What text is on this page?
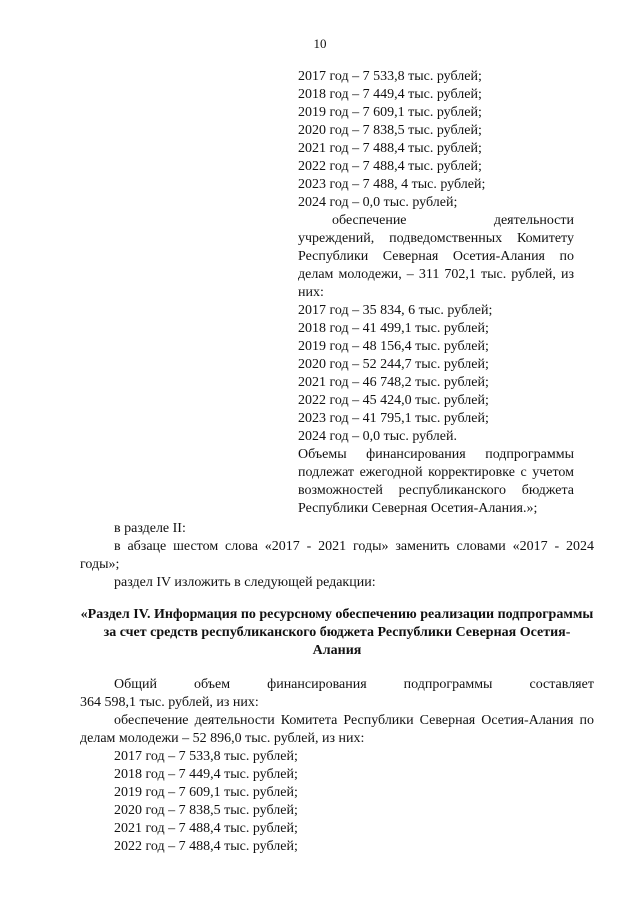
10
2017 год – 7 533,8 тыс. рублей;
2018 год – 7 449,4 тыс. рублей;
2019 год – 7 609,1 тыс. рублей;
2020 год – 7 838,5 тыс. рублей;
2021 год – 7 488,4 тыс. рублей;
2022 год – 7 488,4 тыс. рублей;
2023 год – 7 488, 4 тыс. рублей;
2024 год – 0,0 тыс. рублей;
обеспечение	деятельности
учреждений, подведомственных Комитету Республики Северная Осетия-Алания по делам молодежи, – 311 702,1 тыс. рублей, из них:
2017 год – 35 834, 6 тыс. рублей;
2018 год – 41 499,1 тыс. рублей;
2019 год – 48 156,4 тыс. рублей;
2020 год – 52 244,7 тыс. рублей;
2021 год – 46 748,2 тыс. рублей;
2022 год – 45 424,0 тыс. рублей;
2023 год – 41 795,1 тыс. рублей;
2024 год – 0,0 тыс. рублей.
Объемы финансирования подпрограммы подлежат ежегодной корректировке с учетом возможностей республиканского бюджета Республики Северная Осетия-Алания.»;
в разделе II:
в абзаце шестом слова «2017 - 2021 годы» заменить словами «2017 - 2024 годы»;
раздел IV изложить в следующей редакции:
«Раздел IV. Информация по ресурсному обеспечению реализации подпрограммы за счет средств республиканского бюджета Республики Северная Осетия-Алания
Общий	объем	финансирования	подпрограммы	составляет
364 598,1 тыс. рублей, из них:
обеспечение деятельности Комитета Республики Северная Осетия-Алания по делам молодежи – 52 896,0 тыс. рублей, из них:
2017 год – 7 533,8 тыс. рублей;
2018 год – 7 449,4 тыс. рублей;
2019 год – 7 609,1 тыс. рублей;
2020 год – 7 838,5 тыс. рублей;
2021 год – 7 488,4 тыс. рублей;
2022 год – 7 488,4 тыс. рублей;
